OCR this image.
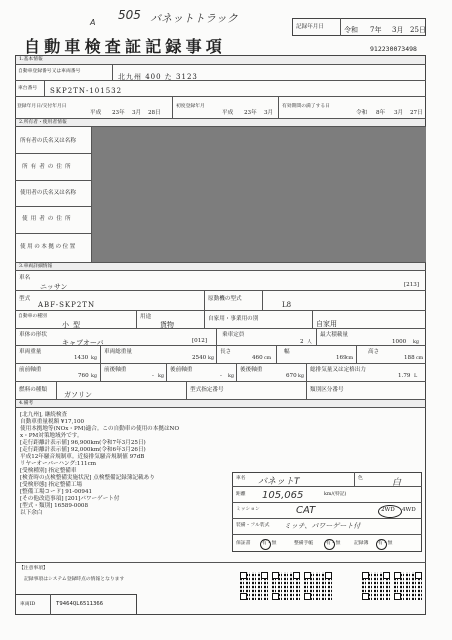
A
505 バネットトラック
記録年月日	令和 7年 3月 25日
自動車検査証記録事項	912230073498
1.基本情報
自動車登録番号又は車両番号
北九州 400 た 3123
車台番号 SKP2TN-101532
登録年月日/交付年月日
平成 23年 3月 28日
初度登録年月
平成 23年 3月
有効期間の満了する日
令和 8年 3月 27日
2.所有者・使用者情報
所有者の氏名又は名称
所有者の住所
使用者の氏名又は名称
使用者の住所
使用の本拠の位置
3.車両詳細情報
車名
ニッサン	[213]
型式
ABF-SKP2TN
原動機の型式
L8
自動車の種別
小型
用途
貨物
自家用・事業用の別
自家用
車体の形状
キャブオーバ	[012]
乗車定員
2 人
最大積載量
1000 kg
車両重量
1430 kg
車両総重量
2540 kg
長さ
460 cm
幅
169 cm
高さ
188 cm
前前軸重
760 kg
前後軸重
- kg
後前軸重
- kg
後後軸重
670 kg
総排気量又は定格出力
1.79 L
燃料の種類
ガソリン
型式指定番号	類別区分番号
4.備考
[北九州], 継続検査
自動車重量税額 ¥17,100
使用本拠地等(NOx・PM)適合。この自動車の使用の本拠はNO
x・PM対策地域外です。
[走行距離計表示値] 96,900km(令和7年3月25日)
[走行距離計表示値] 92,000km(令和6年3月26日)
平成12年騒音規制車。近接排気騒音規制値 97dB
リヤーオーバーハング:111cm
[受検種別] 指定整備車
[検査時の点検整備実施状況] 点検整備記録簿記載あり
[受検形態] 指定整備工場
[整備工場コード] 91-00941
[その他改造事項] [201]パワーゲート付
[型式・類別] 16589-0008
以下余白
車名 バネットT	色	白
距離 105,065	km/(特記)
ミッション	CAT	2WD 4WD
装備・フル装式 ミッチ、パワーゲート付
保証書 有・無	整備手帳	有・無	記録簿 有・無
【注意事項】
記録事項はシステム登録時点の情報となります
車両ID	T9464QL6511366
